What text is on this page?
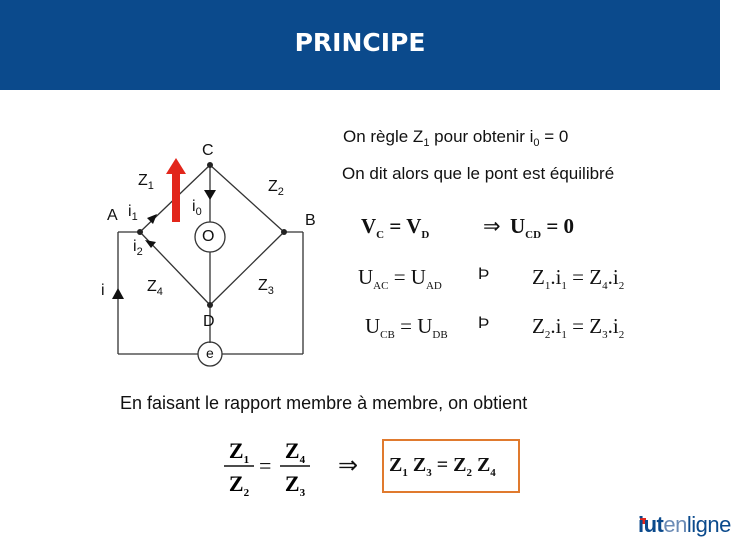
PRINCIPE
C
A	B
D
O
e
i
$Z_1$	$Z_2$
$Z_3$
$Z_4$
$i_1$
$i_2$
$i_0$
On règle $Z_1$ pour obtenir $i_0 = 0$
On dit alors que le pont est équilibré
$V_C = V_D$	⇒ $U_{CD} = 0$
$U_{AC} = U_{AD}$
Þ $Z_1.i_1 = Z_4.i_2$
$U_{CB} = U_{DB}$
Þ $Z_2.i_1 = Z_3.i_2$
En faisant le rapport membre à membre, on obtient
$Z_1$
$Z_2$
=
$Z_4$
$Z_3$
⇒ $Z_1$ $Z_3 = Z_2$ $Z_4$
iutenligne
